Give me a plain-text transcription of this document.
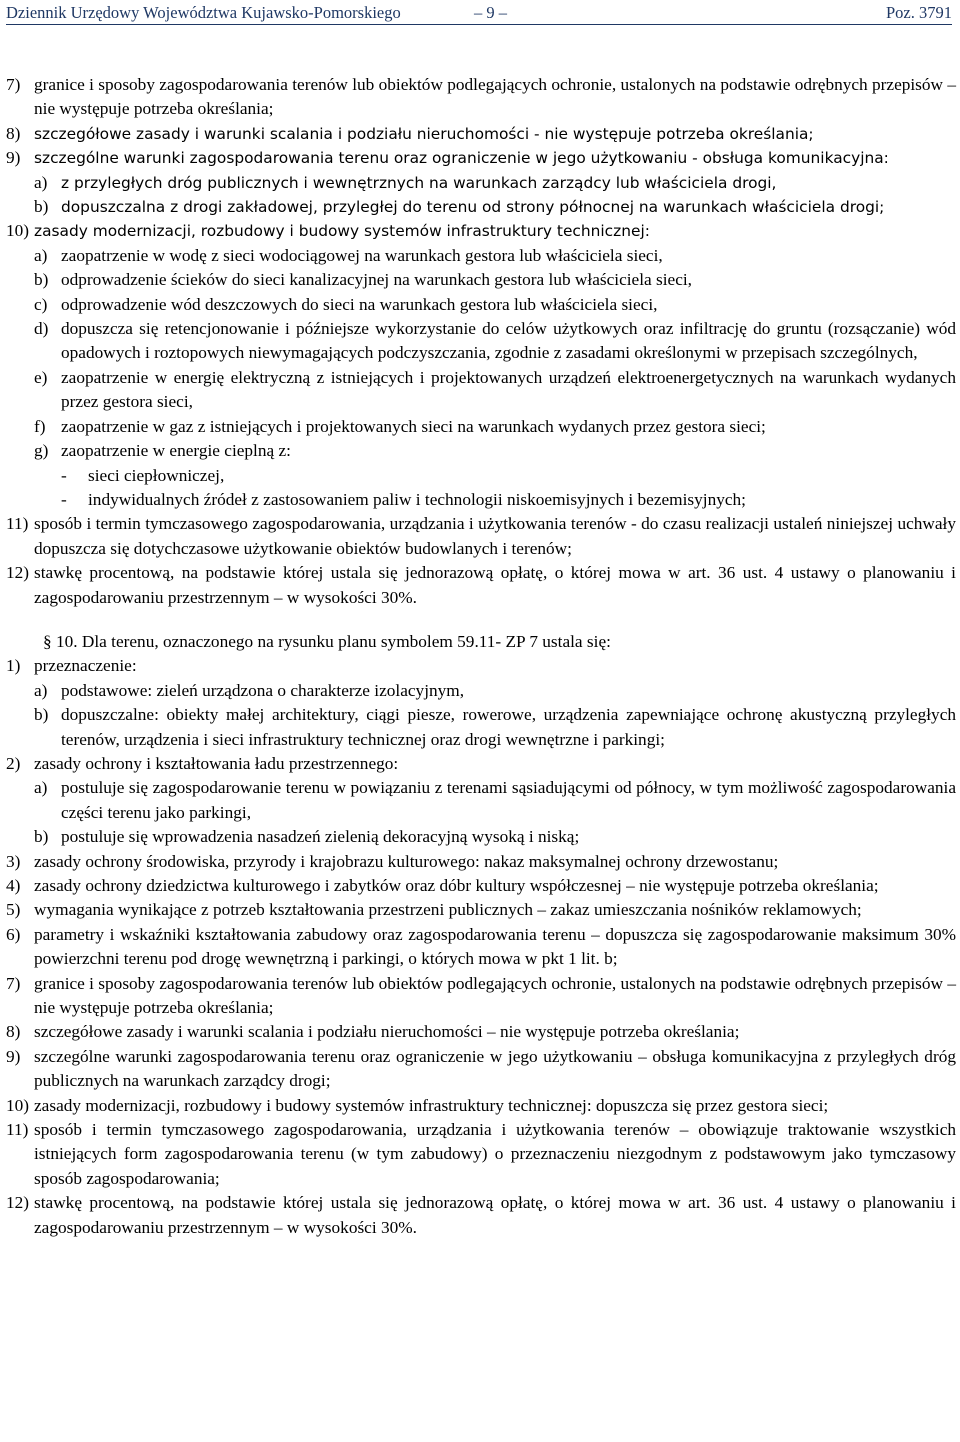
Dziennik Urzędowy Województwa Kujawsko-Pomorskiego	– 9 –	Poz. 3791
7) granice i sposoby zagospodarowania terenów lub obiektów podlegających ochronie, ustalonych na podstawie odrębnych przepisów – nie występuje potrzeba określania;
8) szczegółowe zasady i warunki scalania i podziału nieruchomości - nie występuje potrzeba określania;
9) szczególne warunki zagospodarowania terenu oraz ograniczenie w jego użytkowaniu - obsługa komunikacyjna:
a) z przyległych dróg publicznych i wewnętrznych na warunkach zarządcy lub właściciela drogi,
b) dopuszczalna z drogi zakładowej, przyległej do terenu od strony północnej na warunkach właściciela drogi;
10) zasady modernizacji, rozbudowy i budowy systemów infrastruktury technicznej:
a) zaopatrzenie w wodę z sieci wodociągowej na warunkach gestora lub właściciela sieci,
b) odprowadzenie ścieków do sieci kanalizacyjnej na warunkach gestora lub właściciela sieci,
c) odprowadzenie wód deszczowych do sieci na warunkach gestora lub właściciela sieci,
d) dopuszcza się retencjonowanie i późniejsze wykorzystanie do celów użytkowych oraz infiltrację do gruntu (rozsączanie) wód opadowych i roztopowych niewymagających podczyszczania, zgodnie z zasadami określonymi w przepisach szczególnych,
e) zaopatrzenie w energię elektryczną z istniejących i projektowanych urządzeń elektroenergetycznych na warunkach wydanych przez gestora sieci,
f) zaopatrzenie w gaz z istniejących i projektowanych sieci na warunkach wydanych przez gestora sieci;
g) zaopatrzenie w energie cieplną z:
- sieci ciepłowniczej,
- indywidualnych źródeł z zastosowaniem paliw i technologii niskoemisyjnych i bezemisyjnych;
11) sposób i termin tymczasowego zagospodarowania, urządzania i użytkowania terenów - do czasu realizacji ustaleń niniejszej uchwały dopuszcza się dotychczasowe użytkowanie obiektów budowlanych i terenów;
12) stawkę procentową, na podstawie której ustala się jednorazową opłatę, o której mowa w art. 36 ust. 4 ustawy o planowaniu i zagospodarowaniu przestrzennym – w wysokości 30%.
§ 10. Dla terenu, oznaczonego na rysunku planu symbolem 59.11- ZP 7 ustala się:
1) przeznaczenie:
a) podstawowe: zieleń urządzona o charakterze izolacyjnym,
b) dopuszczalne: obiekty małej architektury, ciągi piesze, rowerowe, urządzenia zapewniające ochronę akustyczną przyległych terenów, urządzenia i sieci infrastruktury technicznej oraz drogi wewnętrzne i parkingi;
2) zasady ochrony i kształtowania ładu przestrzennego:
a) postuluje się zagospodarowanie terenu w powiązaniu z terenami sąsiadującymi od północy, w tym możliwość zagospodarowania części terenu jako parkingi,
b) postuluje się wprowadzenia nasadzeń zielenią dekoracyjną wysoką i niską;
3) zasady ochrony środowiska, przyrody i krajobrazu kulturowego: nakaz maksymalnej ochrony drzewostanu;
4) zasady ochrony dziedzictwa kulturowego i zabytków oraz dóbr kultury współczesnej – nie występuje potrzeba określania;
5) wymagania wynikające z potrzeb kształtowania przestrzeni publicznych – zakaz umieszczania nośników reklamowych;
6) parametry i wskaźniki kształtowania zabudowy oraz zagospodarowania terenu – dopuszcza się zagospodarowanie maksimum 30% powierzchni terenu pod drogę wewnętrzną i parkingi, o których mowa w pkt 1 lit. b;
7) granice i sposoby zagospodarowania terenów lub obiektów podlegających ochronie, ustalonych na podstawie odrębnych przepisów – nie występuje potrzeba określania;
8) szczegółowe zasady i warunki scalania i podziału nieruchomości – nie występuje potrzeba określania;
9) szczególne warunki zagospodarowania terenu oraz ograniczenie w jego użytkowaniu – obsługa komunikacyjna z przyległych dróg publicznych na warunkach zarządcy drogi;
10) zasady modernizacji, rozbudowy i budowy systemów infrastruktury technicznej: dopuszcza się przez gestora sieci;
11) sposób i termin tymczasowego zagospodarowania, urządzania i użytkowania terenów – obowiązuje traktowanie wszystkich istniejących form zagospodarowania terenu (w tym zabudowy) o przeznaczeniu niezgodnym z podstawowym jako tymczasowy sposób zagospodarowania;
12) stawkę procentową, na podstawie której ustala się jednorazową opłatę, o której mowa w art. 36 ust. 4 ustawy o planowaniu i zagospodarowaniu przestrzennym – w wysokości 30%.
